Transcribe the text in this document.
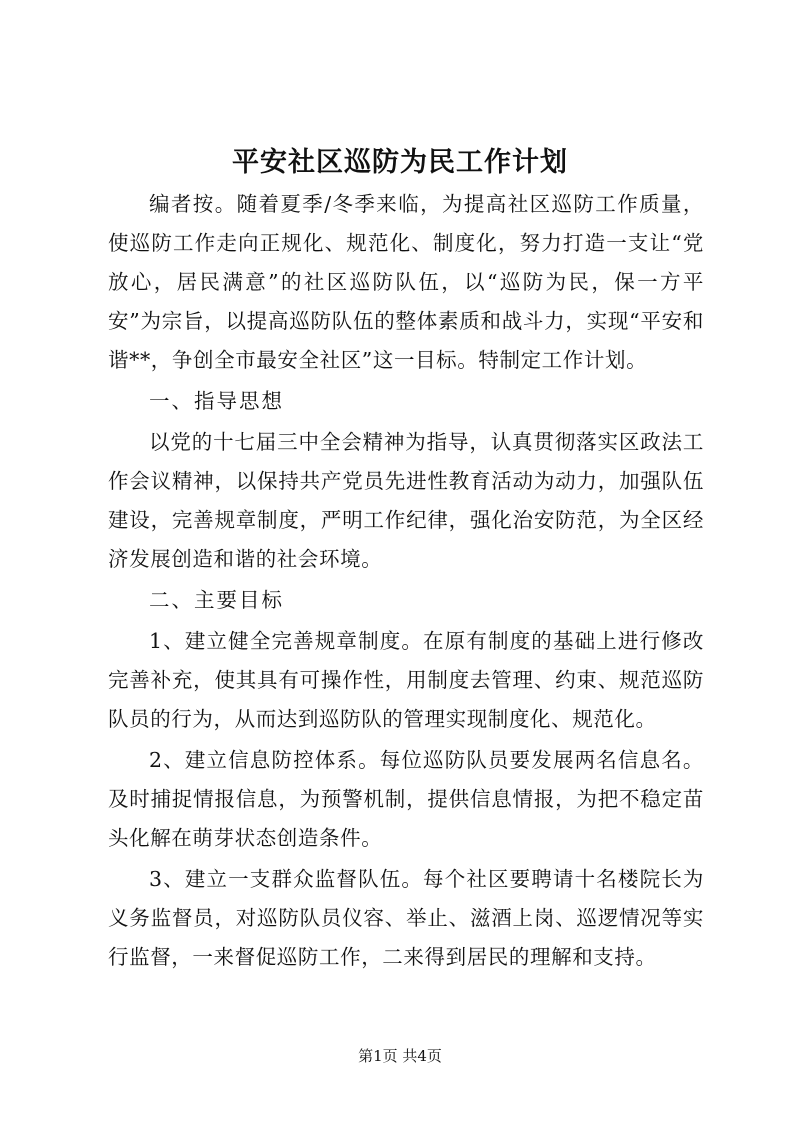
平安社区巡防为民工作计划

编者按。随着夏季/冬季来临，为提高社区巡防工作质量，使巡防工作走向正规化、规范化、制度化，努力打造一支让“党放心，居民满意”的社区巡防队伍，以“巡防为民，保一方平安”为宗旨，以提高巡防队伍的整体素质和战斗力，实现“平安和谐**，争创全市最安全社区”这一目标。特制定工作计划。

一、指导思想

以党的十七届三中全会精神为指导，认真贯彻落实区政法工作会议精神，以保持共产党员先进性教育活动为动力，加强队伍建设，完善规章制度，严明工作纪律，强化治安防范，为全区经济发展创造和谐的社会环境。

二、主要目标

1、建立健全完善规章制度。在原有制度的基础上进行修改完善补充，使其具有可操作性，用制度去管理、约束、规范巡防队员的行为，从而达到巡防队的管理实现制度化、规范化。

2、建立信息防控体系。每位巡防队员要发展两名信息名。及时捕捉情报信息，为预警机制，提供信息情报，为把不稳定苗头化解在萌芽状态创造条件。

3、建立一支群众监督队伍。每个社区要聘请十名楼院长为义务监督员，对巡防队员仪容、举止、滋酒上岗、巡逻情况等实行监督，一来督促巡防工作，二来得到居民的理解和支持。

第1页 共4页
